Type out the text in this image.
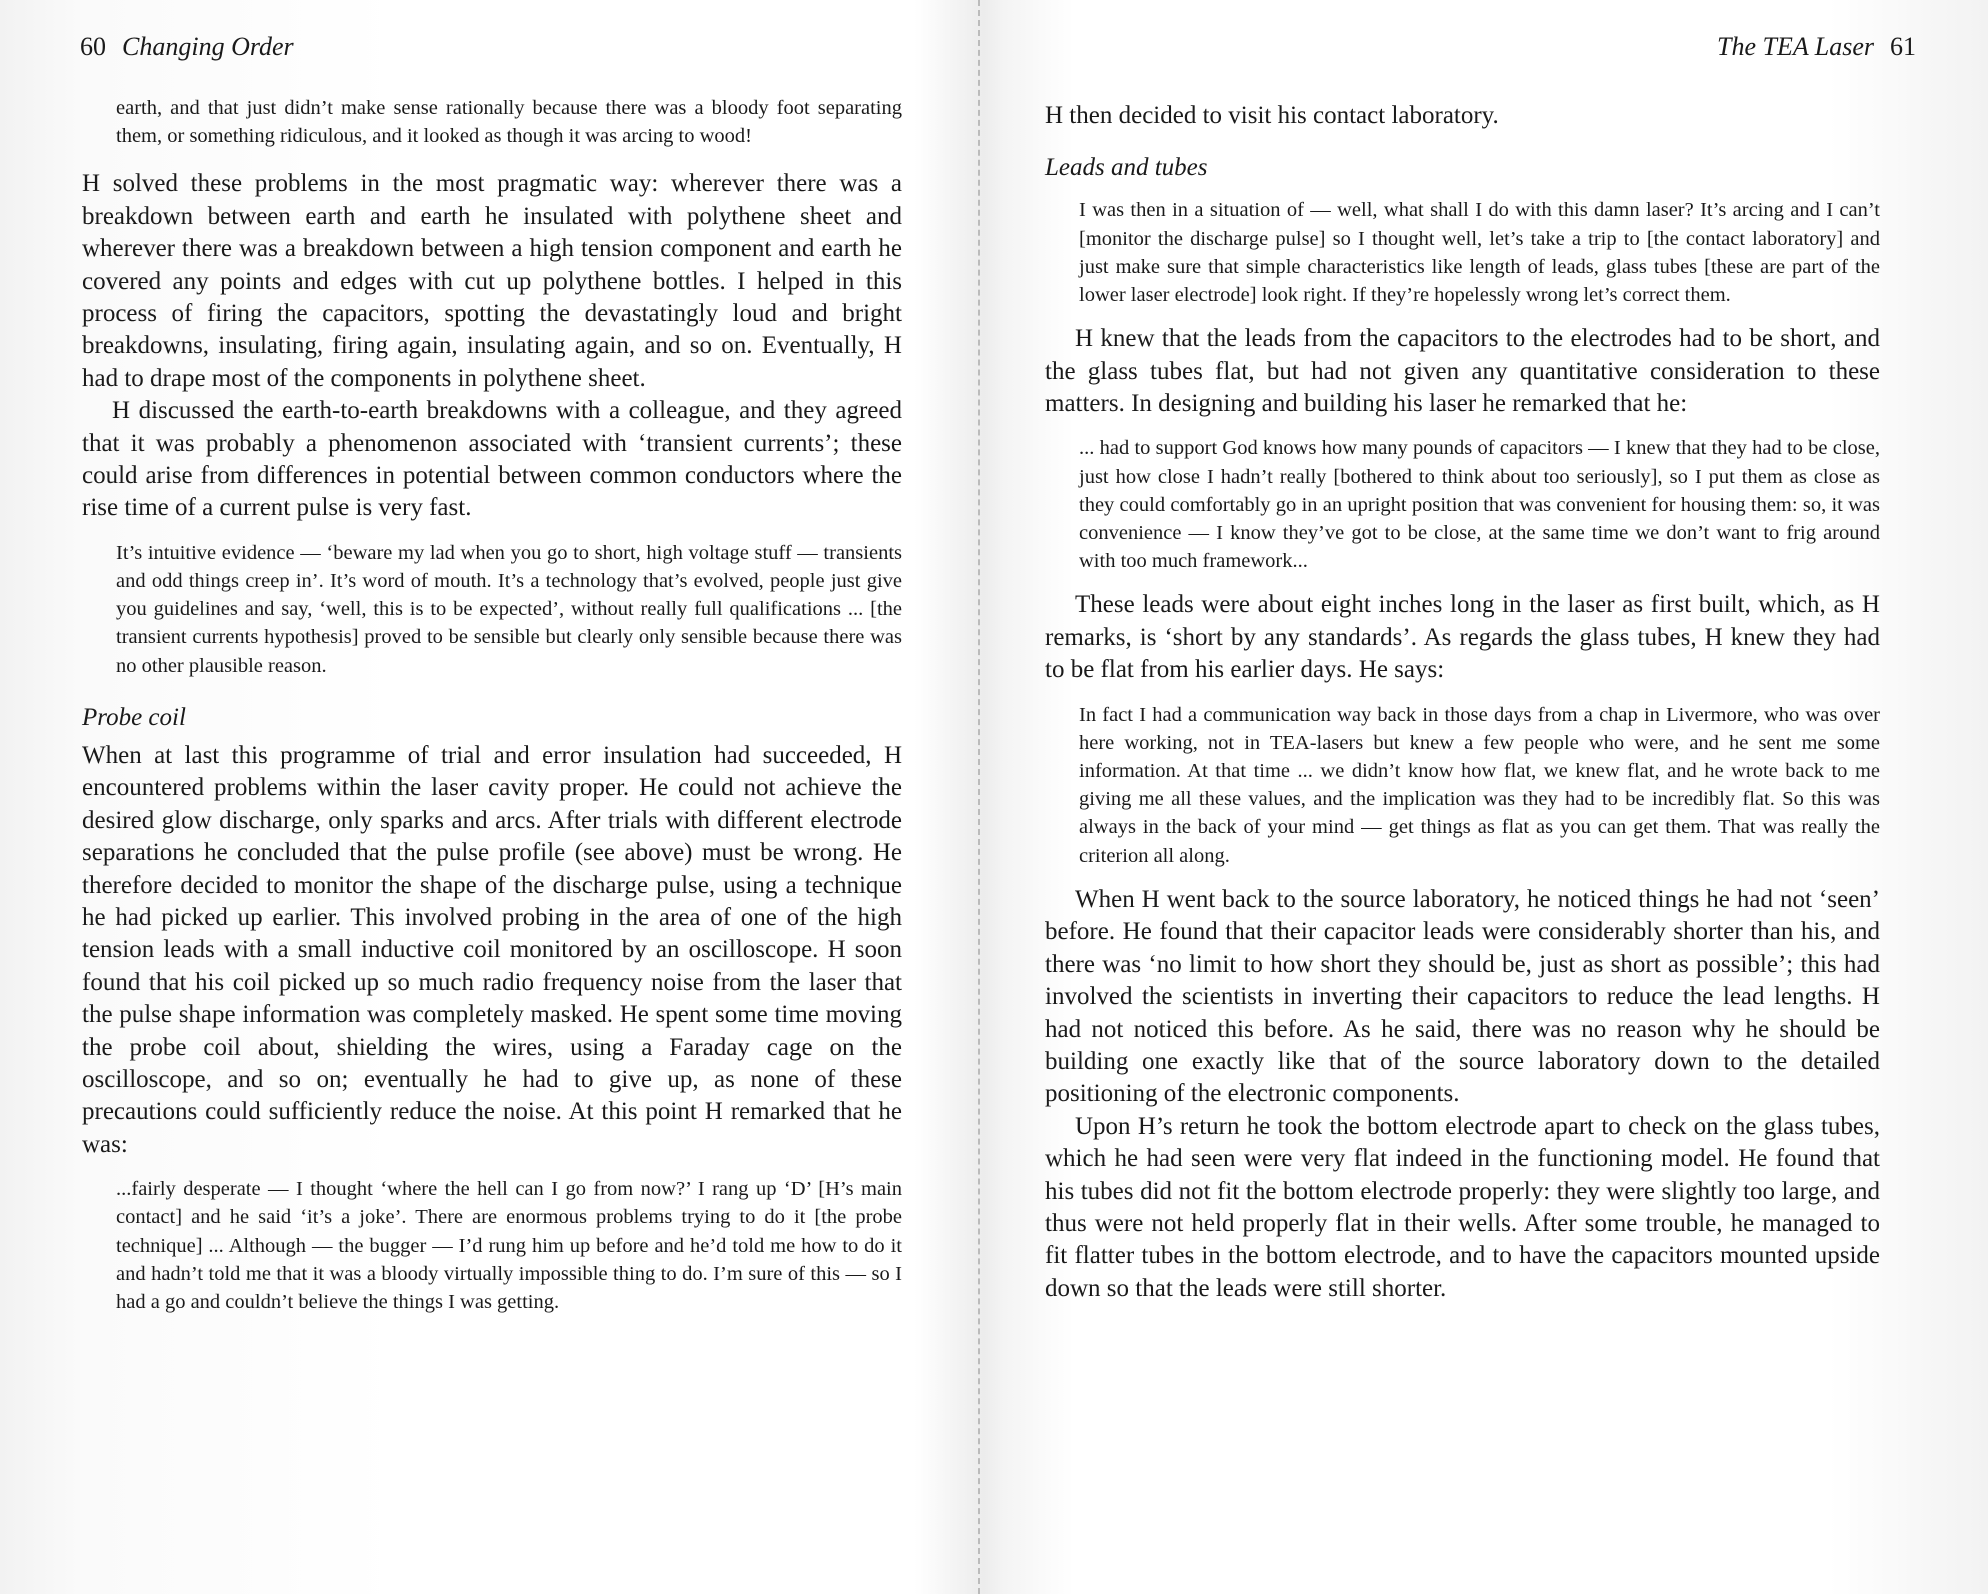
60 Changing Order

earth, and that just didn’t make sense rationally because there was a bloody foot separating them, or something ridiculous, and it looked as though it was arcing to wood!

H solved these problems in the most pragmatic way: wherever there was a breakdown between earth and earth he insulated with polythene sheet and wherever there was a breakdown between a high tension component and earth he covered any points and edges with cut up polythene bottles. I helped in this process of firing the capacitors, spotting the devastatingly loud and bright breakdowns, insulating, firing again, insulating again, and so on. Eventually, H had to drape most of the components in polythene sheet.

H discussed the earth-to-earth breakdowns with a colleague, and they agreed that it was probably a phenomenon associated with ‘transient currents’; these could arise from differences in potential between common conductors where the rise time of a current pulse is very fast.

It’s intuitive evidence — ‘beware my lad when you go to short, high voltage stuff — transients and odd things creep in’. It’s word of mouth. It’s a technology that’s evolved, people just give you guidelines and say, ‘well, this is to be expected’, without really full qualifications ... [the transient currents hypothesis] proved to be sensible but clearly only sensible because there was no other plausible reason.

Probe coil

When at last this programme of trial and error insulation had succeeded, H encountered problems within the laser cavity proper. He could not achieve the desired glow discharge, only sparks and arcs. After trials with different electrode separations he concluded that the pulse profile (see above) must be wrong. He therefore decided to monitor the shape of the discharge pulse, using a technique he had picked up earlier. This involved probing in the area of one of the high tension leads with a small inductive coil monitored by an oscilloscope. H soon found that his coil picked up so much radio frequency noise from the laser that the pulse shape information was completely masked. He spent some time moving the probe coil about, shielding the wires, using a Faraday cage on the oscilloscope, and so on; eventually he had to give up, as none of these precautions could sufficiently reduce the noise. At this point H remarked that he was:

...fairly desperate — I thought ‘where the hell can I go from now?’ I rang up ‘D’ [H’s main contact] and he said ‘it’s a joke’. There are enormous problems trying to do it [the probe technique] ... Although — the bugger — I’d rung him up before and he’d told me how to do it and hadn’t told me that it was a bloody virtually impossible thing to do. I’m sure of this — so I had a go and couldn’t believe the things I was getting.

The TEA Laser 61

H then decided to visit his contact laboratory.

Leads and tubes

I was then in a situation of — well, what shall I do with this damn laser? It’s arcing and I can’t [monitor the discharge pulse] so I thought well, let’s take a trip to [the contact laboratory] and just make sure that simple characteristics like length of leads, glass tubes [these are part of the lower laser electrode] look right. If they’re hopelessly wrong let’s correct them.

H knew that the leads from the capacitors to the electrodes had to be short, and the glass tubes flat, but had not given any quantitative consideration to these matters. In designing and building his laser he remarked that he:

... had to support God knows how many pounds of capacitors — I knew that they had to be close, just how close I hadn’t really [bothered to think about too seriously], so I put them as close as they could comfortably go in an upright position that was convenient for housing them: so, it was convenience — I know they’ve got to be close, at the same time we don’t want to frig around with too much framework...

These leads were about eight inches long in the laser as first built, which, as H remarks, is ‘short by any standards’. As regards the glass tubes, H knew they had to be flat from his earlier days. He says:

In fact I had a communication way back in those days from a chap in Livermore, who was over here working, not in TEA-lasers but knew a few people who were, and he sent me some information. At that time ... we didn’t know how flat, we knew flat, and he wrote back to me giving me all these values, and the implication was they had to be incredibly flat. So this was always in the back of your mind — get things as flat as you can get them. That was really the criterion all along.

When H went back to the source laboratory, he noticed things he had not ‘seen’ before. He found that their capacitor leads were considerably shorter than his, and there was ‘no limit to how short they should be, just as short as possible’; this had involved the scientists in inverting their capacitors to reduce the lead lengths. H had not noticed this before. As he said, there was no reason why he should be building one exactly like that of the source laboratory down to the detailed positioning of the electronic components.

Upon H’s return he took the bottom electrode apart to check on the glass tubes, which he had seen were very flat indeed in the functioning model. He found that his tubes did not fit the bottom electrode properly: they were slightly too large, and thus were not held properly flat in their wells. After some trouble, he managed to fit flatter tubes in the bottom electrode, and to have the capacitors mounted upside down so that the leads were still shorter.
